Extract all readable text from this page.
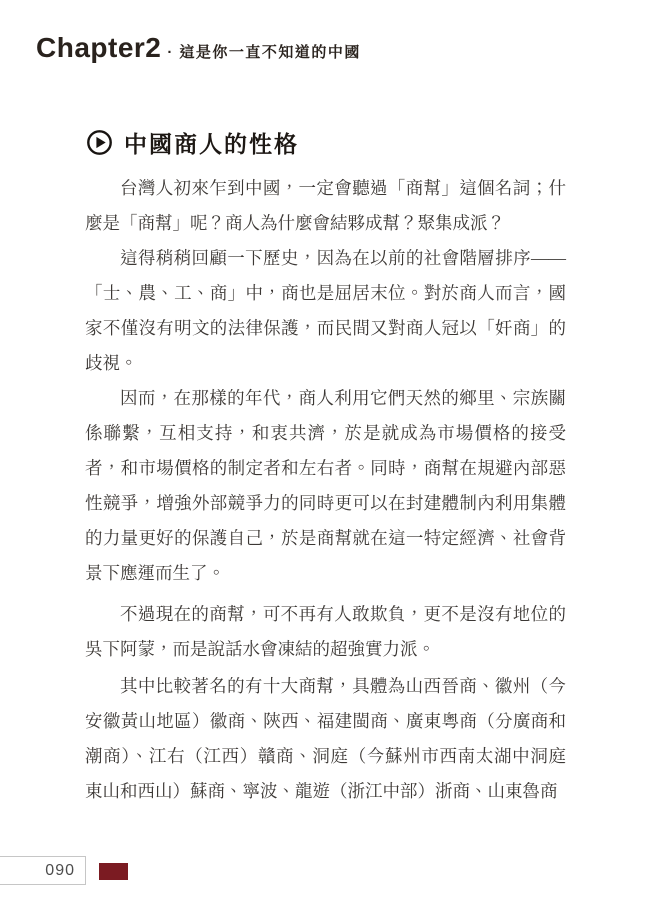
Chapter2 · 這是你一直不知道的中國
中國商人的性格

台灣人初來乍到中國，一定會聽過「商幫」這個名詞；什麼是「商幫」呢？商人為什麼會結夥成幫？聚集成派？

這得稍稍回顧一下歷史，因為在以前的社會階層排序——「士、農、工、商」中，商也是屈居末位。對於商人而言，國家不僅沒有明文的法律保護，而民間又對商人冠以「奸商」的歧視。

因而，在那樣的年代，商人利用它們天然的鄉里、宗族關係聯繫，互相支持，和衷共濟，於是就成為市場價格的接受者，和市場價格的制定者和左右者。同時，商幫在規避內部惡性競爭，增強外部競爭力的同時更可以在封建體制內利用集體的力量更好的保護自己，於是商幫就在這一特定經濟、社會背景下應運而生了。

不過現在的商幫，可不再有人敢欺負，更不是沒有地位的吳下阿蒙，而是說話水會凍結的超強實力派。

其中比較著名的有十大商幫，具體為山西晉商、徽州（今安徽黃山地區）徽商、陝西、福建閩商、廣東粵商（分廣商和潮商）、江右（江西）贛商、洞庭（今蘇州市西南太湖中洞庭東山和西山）蘇商、寧波、龍遊（浙江中部）浙商、山東魯商

090
